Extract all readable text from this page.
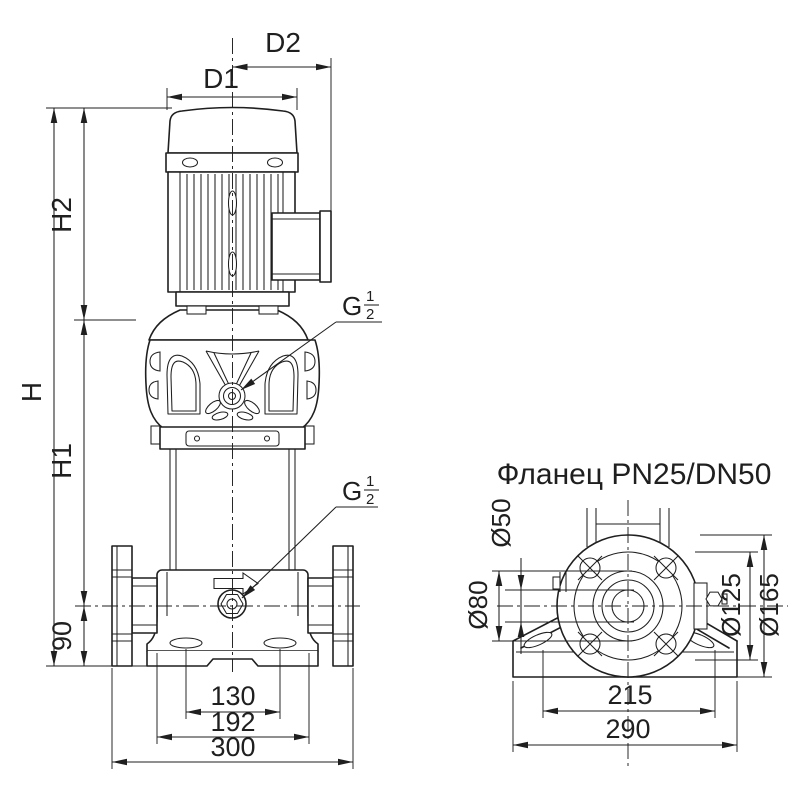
D2
D1
H
H2
H1
90
130
192
300
G 1
2
G 1
2
Фланец PN25/DN50
Ø50
Ø80	Ø125 Ø165
215
290
